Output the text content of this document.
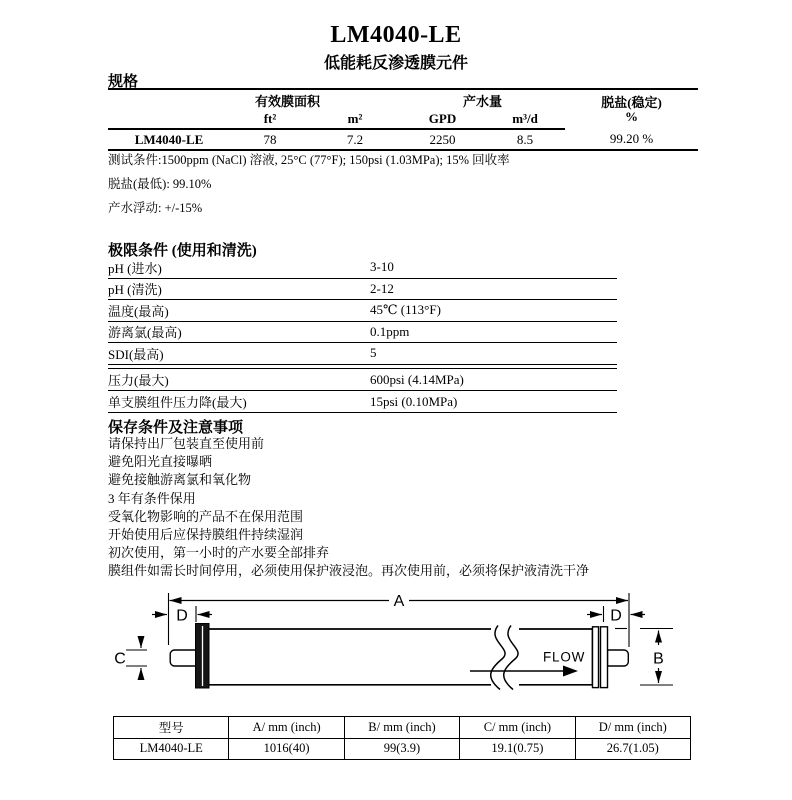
LM4040-LE
低能耗反渗透膜元件
规格
	有效膜面积		产水量		脱盐(稳定)
%

	ft²	m²	GPD	m³/d	
LM4040-LE	78	7.2	2250	8.5	99.20 %

测试条件:1500ppm (NaCl) 溶液, 25°C (77°F); 150psi (1.03MPa); 15% 回收率

脱盐(最低): 99.10%

产水浮动: +/-15%

极限条件 (使用和清洗)
pH (进水)	3-10
pH (清洗)	2-12
温度(最高)	45℃ (113°F)
游离氯(最高)	0.1ppm
SDI(最高)	5
压力(最大)	600psi (4.14MPa)
单支膜组件压力降(最大)	15psi (0.10MPa)
保存条件及注意事项

请保持出厂包装直至使用前

避免阳光直接曝晒

避免接触游离氯和氧化物

3 年有条件保用

受氧化物影响的产品不在保用范围

开始使用后应保持膜组件持续湿润

初次使用，第一小时的产水要全部排弃

膜组件如需长时间停用，必须使用保护液浸泡。再次使用前，必须将保护液清洗干净

A
D	D
C	B
FLOW
型号	A/ mm (inch)	B/ mm (inch)	C/ mm (inch)	D/ mm (inch)
LM4040-LE	1016(40)	99(3.9)	19.1(0.75)	26.7(1.05)
